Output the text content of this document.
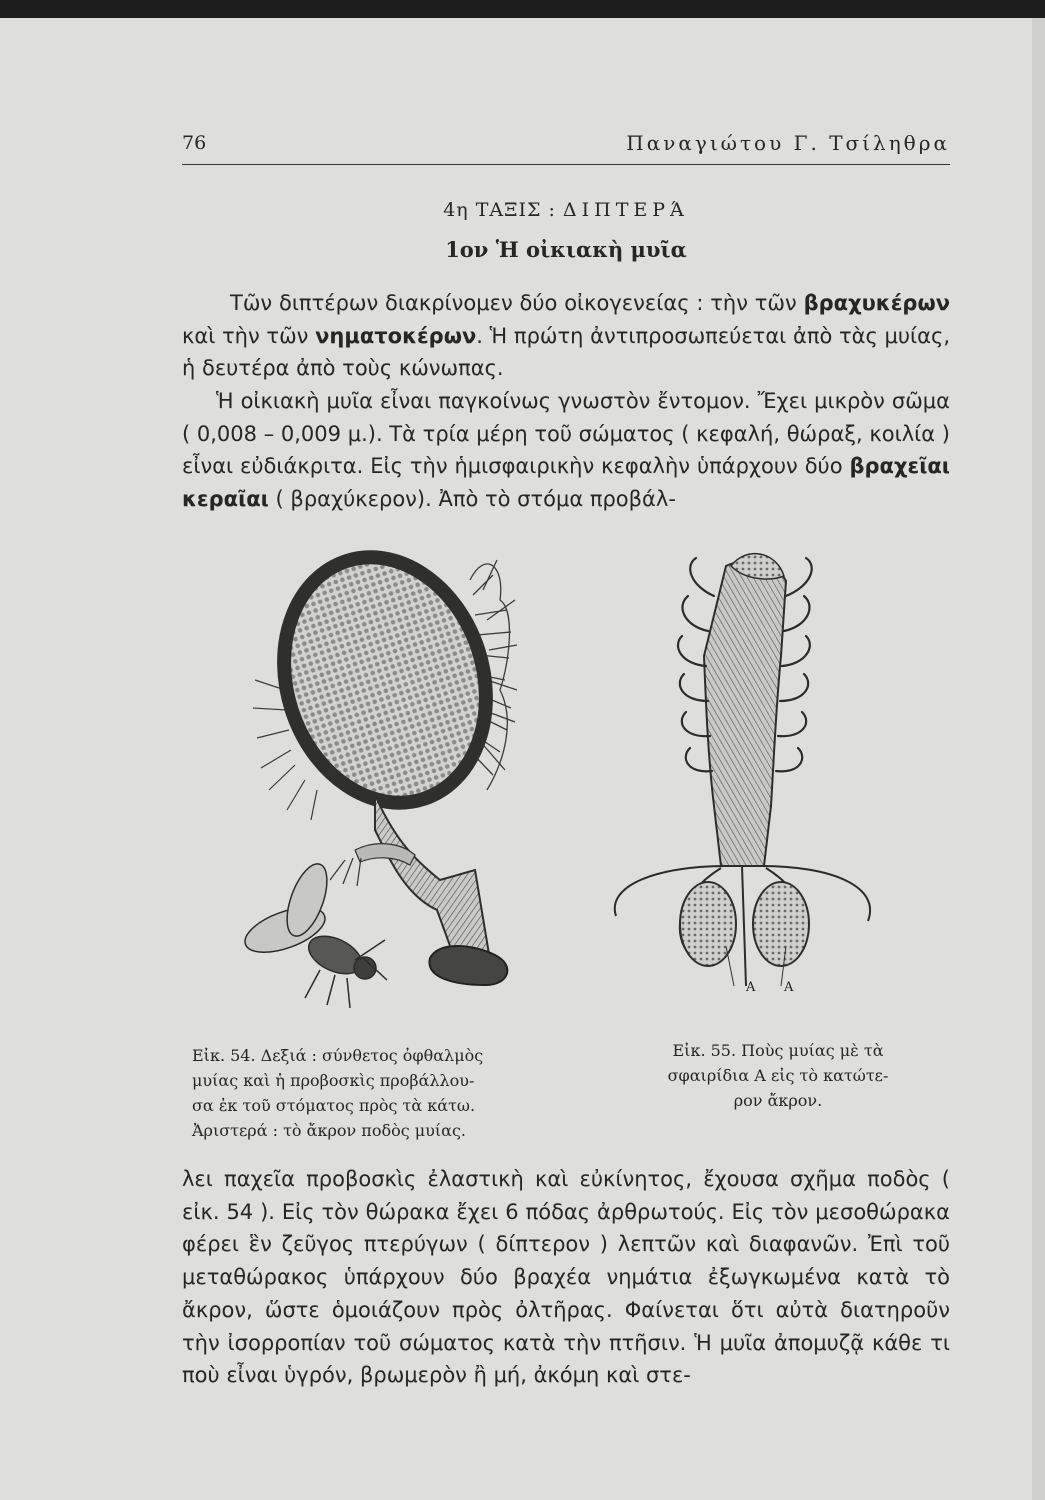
76	Παναγιώτου Γ. Τσίληθρα
4η ΤΑΞΙΣ : ΔΙΠΤΕΡΆ
1ον Ἡ οἰκιακὴ μυῖα

Τῶν διπτέρων διακρίνομεν δύο οἰκογενείας : τὴν τῶν βραχυκέρων καὶ τὴν τῶν νηματοκέρων. Ἡ πρώτη ἀντιπροσωπεύεται ἀπὸ τὰς μυίας, ἡ δευτέρα ἀπὸ τοὺς κώνωπας.

Ἡ οἰκιακὴ μυῖα εἶναι παγκοίνως γνωστὸν ἔντομον. Ἔχει μικρὸν σῶμα ( 0,008 – 0,009 μ.). Τὰ τρία μέρη τοῦ σώματος ( κεφαλή, θώραξ, κοιλία ) εἶναι εὐδιάκριτα. Εἰς τὴν ἡμισφαιρικὴν κεφαλὴν ὑπάρχουν δύο βραχεῖαι κεραῖαι ( βραχύκερον). Ἀπὸ τὸ στόμα προβάλ-

Α Α
Εἰκ. 54. Δεξιά : σύνθετος ὀφθαλμὸς
μυίας καὶ ἡ προβοσκὶς προβάλλου-
σα ἐκ τοῦ στόματος πρὸς τὰ κάτω.
Ἀριστερά : τὸ ἄκρον ποδὸς μυίας.
Εἰκ. 55. Ποὺς μυίας μὲ τὰ
σφαιρίδια Α εἰς τὸ κατώτε-
ρον ἄκρον.

λει παχεῖα προβοσκὶς ἐλαστικὴ καὶ εὐκίνητος, ἔχουσα σχῆμα ποδὸς ( εἰκ. 54 ). Εἰς τὸν θώρακα ἔχει 6 πόδας ἀρθρωτούς. Εἰς τὸν μεσοθώρακα φέρει ἓν ζεῦγος πτερύγων ( δίπτερον ) λεπτῶν καὶ διαφανῶν. Ἐπὶ τοῦ μεταθώρακος ὑπάρχουν δύο βραχέα νημάτια ἐξωγκωμένα κατὰ τὸ ἄκρον, ὥστε ὁμοιάζουν πρὸς ὀλτῆρας. Φαίνεται ὅτι αὐτὰ διατηροῦν τὴν ἰσορροπίαν τοῦ σώματος κατὰ τὴν πτῆσιν. Ἡ μυῖα ἀπομυζᾷ κάθε τι ποὺ εἶναι ὑγρόν, βρωμερὸν ἢ μή, ἀκόμη καὶ στε-
